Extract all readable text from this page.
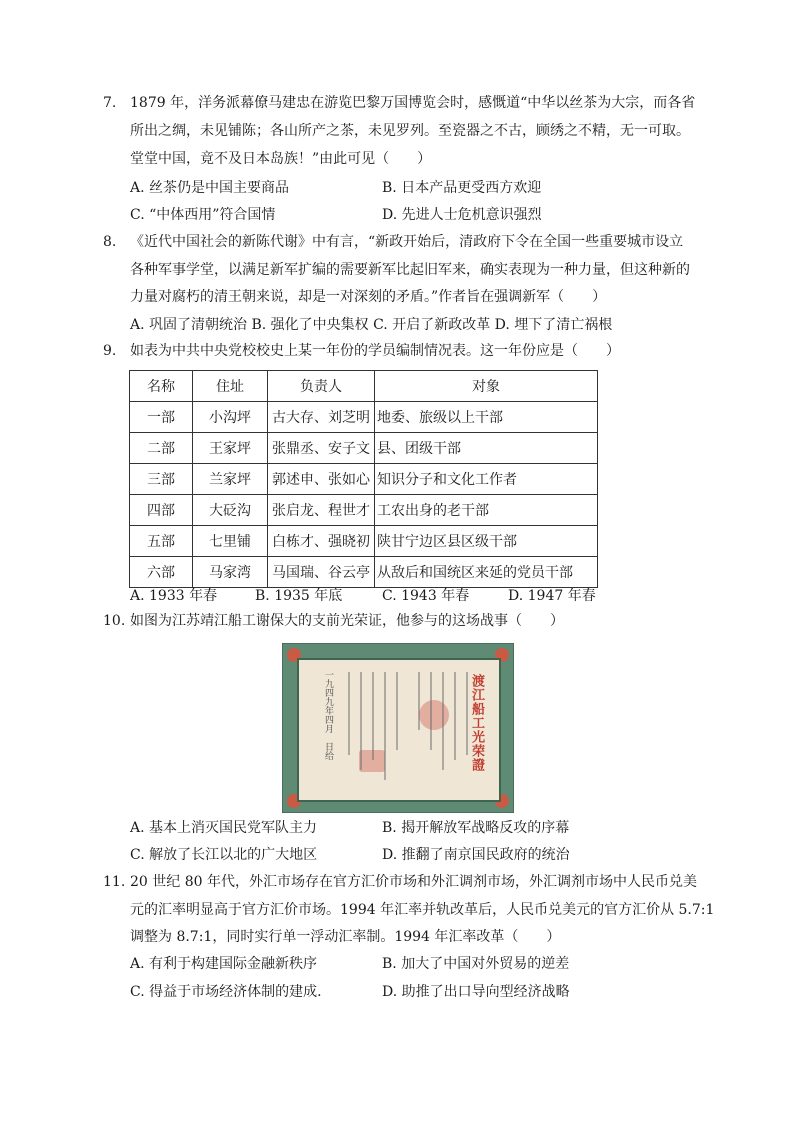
7. 1879 年，洋务派幕僚马建忠在游览巴黎万国博览会时，感慨道“中华以丝茶为大宗，而各省
所出之绸，未见铺陈；各山所产之茶，未见罗列。至瓷器之不古，顾绣之不精，无一可取。
堂堂中国，竟不及日本岛族！”由此可见（　　）
A. 丝茶仍是中国主要商品	B. 日本产品更受西方欢迎
C. “中体西用”符合国情	D. 先进人士危机意识强烈
8. 《近代中国社会的新陈代谢》中有言，“新政开始后，清政府下令在全国一些重要城市设立
各种军事学堂，以满足新军扩编的需要新军比起旧军来，确实表现为一种力量，但这种新的
力量对腐朽的清王朝来说，却是一对深刻的矛盾。”作者旨在强调新军（　　）
A. 巩固了清朝统治 B. 强化了中央集权 C. 开启了新政改革 D. 埋下了清亡祸根
9. 如表为中共中央党校校史上某一年份的学员编制情况表。这一年份应是（　　）
名称	住址	负责人	对象
一部	小沟坪	古大存、刘芝明	地委、旅级以上干部
二部	王家坪	张鼎丞、安子文	县、团级干部
三部	兰家坪	郭述申、张如心	知识分子和文化工作者
四部	大砭沟	张启龙、程世才	工农出身的老干部
五部	七里铺	白栋才、强晓初	陕甘宁边区县区级干部
六部	马家湾	马国瑞、谷云亭	从敌后和国统区来延的党员干部
A. 1933 年春	B. 1935 年底	C. 1943 年春	D. 1947 年春
10. 如图为江苏靖江船工谢保大的支前光荣证，他参与的这场战事（　　）
渡江船工光荣證
一九四九年四月　日给
A. 基本上消灭国民党军队主力	B. 揭开解放军战略反攻的序幕
C. 解放了长江以北的广大地区	D. 推翻了南京国民政府的统治
11. 20 世纪 80 年代，外汇市场存在官方汇价市场和外汇调剂市场，外汇调剂市场中人民币兑美
元的汇率明显高于官方汇价市场。1994 年汇率并轨改革后，人民币兑美元的官方汇价从 5.7:1
调整为 8.7:1，同时实行单一浮动汇率制。1994 年汇率改革（　　）
A. 有利于构建国际金融新秩序	B. 加大了中国对外贸易的逆差
C. 得益于市场经济体制的建成.	D. 助推了出口导向型经济战略
